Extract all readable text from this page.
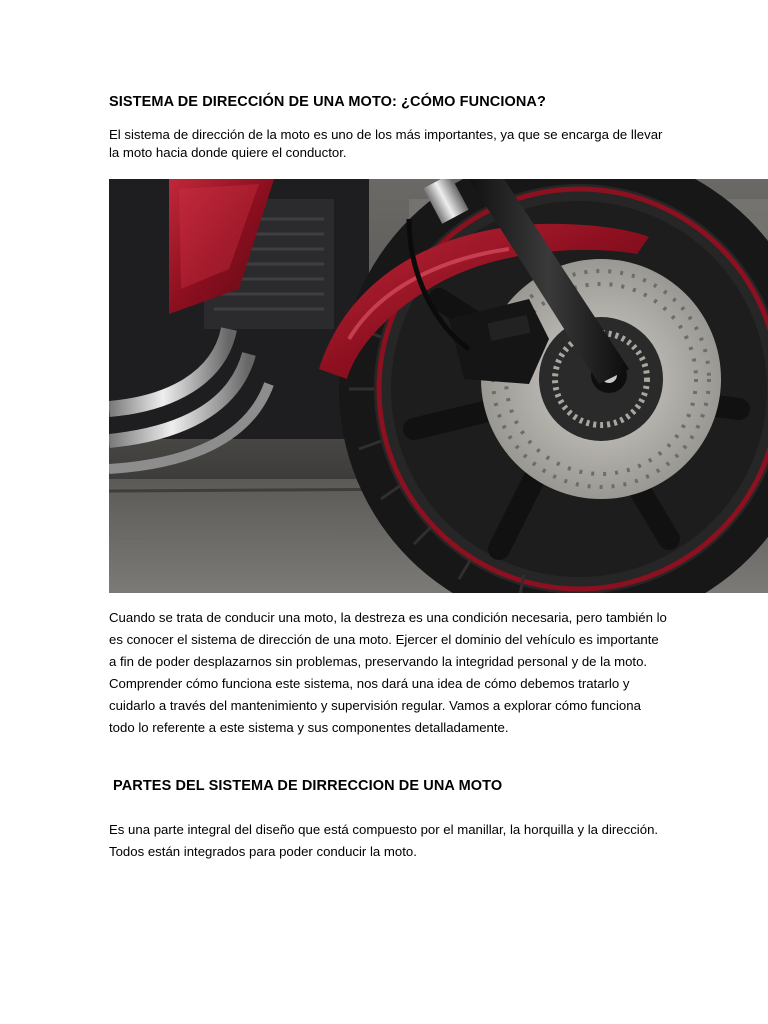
SISTEMA DE DIRECCIÓN DE UNA MOTO: ¿CÓMO FUNCIONA?
El sistema de dirección de la moto es uno de los más importantes, ya que se encarga de llevar la moto hacia donde quiere el conductor.

Cuando se trata de conducir una moto, la destreza es una condición necesaria, pero también lo es conocer el sistema de dirección de una moto. Ejercer el dominio del vehículo es importante a fin de poder desplazarnos sin problemas, preservando la integridad personal y de la moto.

Comprender cómo funciona este sistema, nos dará una idea de cómo debemos tratarlo y cuidarlo a través del mantenimiento y supervisión regular. Vamos a explorar cómo funciona todo lo referente a este sistema y sus componentes detalladamente.

PARTES DEL SISTEMA DE DIRRECCION DE UNA MOTO
Es una parte integral del diseño que está compuesto por el manillar, la horquilla y la dirección. Todos están integrados para poder conducir la moto.
